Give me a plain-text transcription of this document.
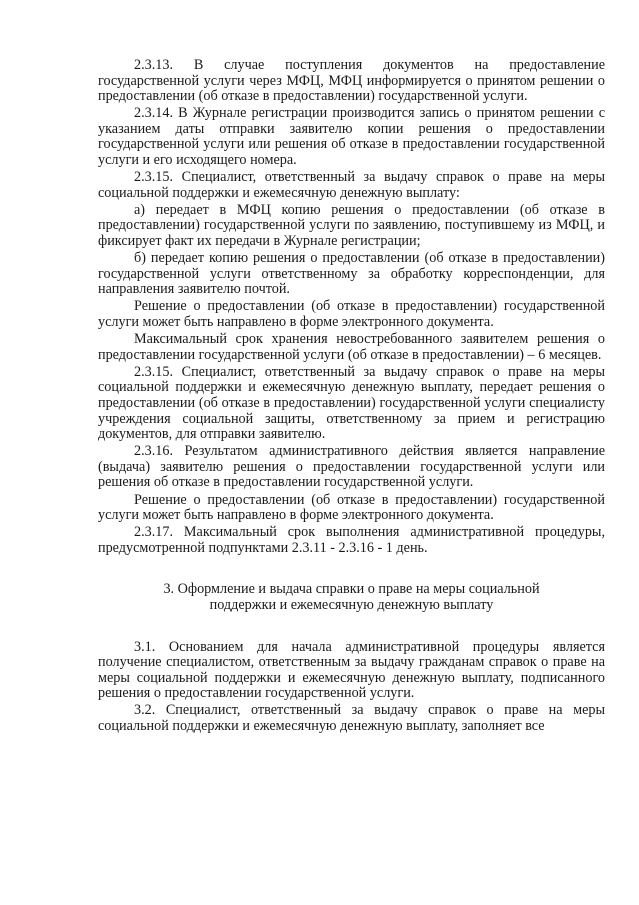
2.3.13. В случае поступления документов на предоставление государственной услуги через МФЦ, МФЦ информируется о принятом решении о предоставлении (об отказе в предоставлении) государственной услуги.

2.3.14. В Журнале регистрации производится запись о принятом решении с указанием даты отправки заявителю копии решения о предоставлении государственной услуги или решения об отказе в предоставлении государственной услуги и его исходящего номера.

2.3.15. Специалист, ответственный за выдачу справок о праве на меры социальной поддержки и ежемесячную денежную выплату:

а) передает в МФЦ копию решения о предоставлении (об отказе в предоставлении) государственной услуги по заявлению, поступившему из МФЦ, и фиксирует факт их передачи в Журнале регистрации;

б) передает копию решения о предоставлении (об отказе в предоставлении) государственной услуги ответственному за обработку корреспонденции, для направления заявителю почтой.

Решение о предоставлении (об отказе в предоставлении) государственной услуги может быть направлено в форме электронного документа.

Максимальный срок хранения невостребованного заявителем решения о предоставлении государственной услуги (об отказе в предоставлении) – 6 месяцев.

2.3.15. Специалист, ответственный за выдачу справок о праве на меры социальной поддержки и ежемесячную денежную выплату, передает решения о предоставлении (об отказе в предоставлении) государственной услуги специалисту учреждения социальной защиты, ответственному за прием и регистрацию документов, для отправки заявителю.

2.3.16. Результатом административного действия является направление (выдача) заявителю решения о предоставлении государственной услуги или решения об отказе в предоставлении государственной услуги.

Решение о предоставлении (об отказе в предоставлении) государственной услуги может быть направлено в форме электронного документа.

2.3.17. Максимальный срок выполнения административной процедуры, предусмотренной подпунктами 2.3.11 - 2.3.16 - 1 день.

3. Оформление и выдача справки о праве на меры социальной
поддержки и ежемесячную денежную выплату

3.1. Основанием для начала административной процедуры является получение специалистом, ответственным за выдачу гражданам справок о праве на меры социальной поддержки и ежемесячную денежную выплату, подписанного решения о предоставлении государственной услуги.

3.2. Специалист, ответственный за выдачу справок о праве на меры социальной поддержки и ежемесячную денежную выплату, заполняет все
